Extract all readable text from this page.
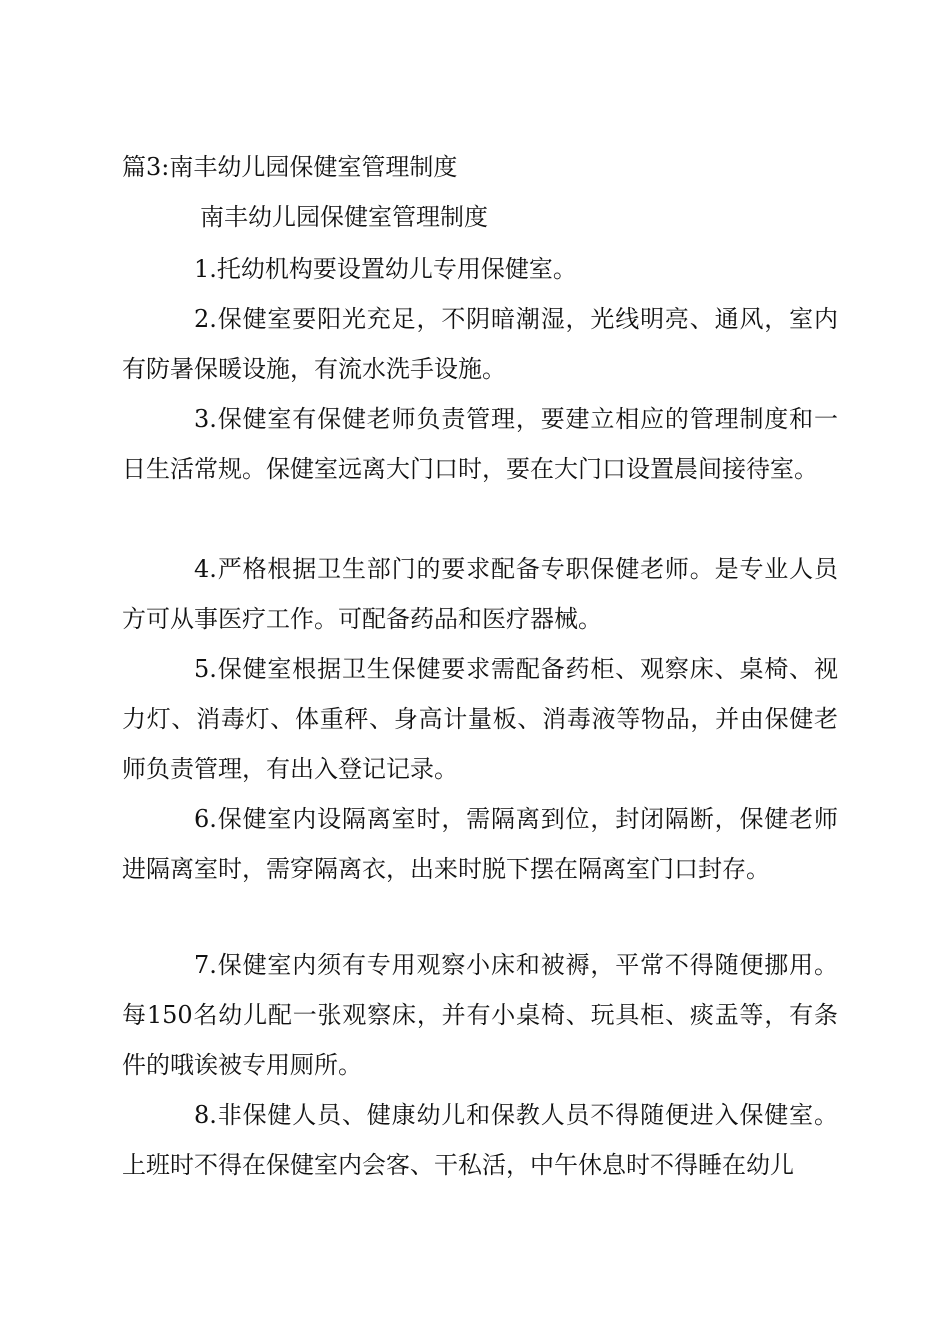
篇3:南丰幼儿园保健室管理制度
南丰幼儿园保健室管理制度

1.托幼机构要设置幼儿专用保健室。

2.保健室要阳光充足，不阴暗潮湿，光线明亮、通风，室内有防暑保暖设施，有流水洗手设施。

3.保健室有保健老师负责管理，要建立相应的管理制度和一日生活常规。保健室远离大门口时，要在大门口设置晨间接待室。

4.严格根据卫生部门的要求配备专职保健老师。是专业人员方可从事医疗工作。可配备药品和医疗器械。

5.保健室根据卫生保健要求需配备药柜、观察床、桌椅、视力灯、消毒灯、体重秤、身高计量板、消毒液等物品，并由保健老师负责管理，有出入登记记录。

6.保健室内设隔离室时，需隔离到位，封闭隔断，保健老师进隔离室时，需穿隔离衣，出来时脱下摆在隔离室门口封存。

7.保健室内须有专用观察小床和被褥，平常不得随便挪用。每150名幼儿配一张观察床，并有小桌椅、玩具柜、痰盂等，有条件的哦诶被专用厕所。

8.非保健人员、健康幼儿和保教人员不得随便进入保健室。上班时不得在保健室内会客、干私活，中午休息时不得睡在幼儿
